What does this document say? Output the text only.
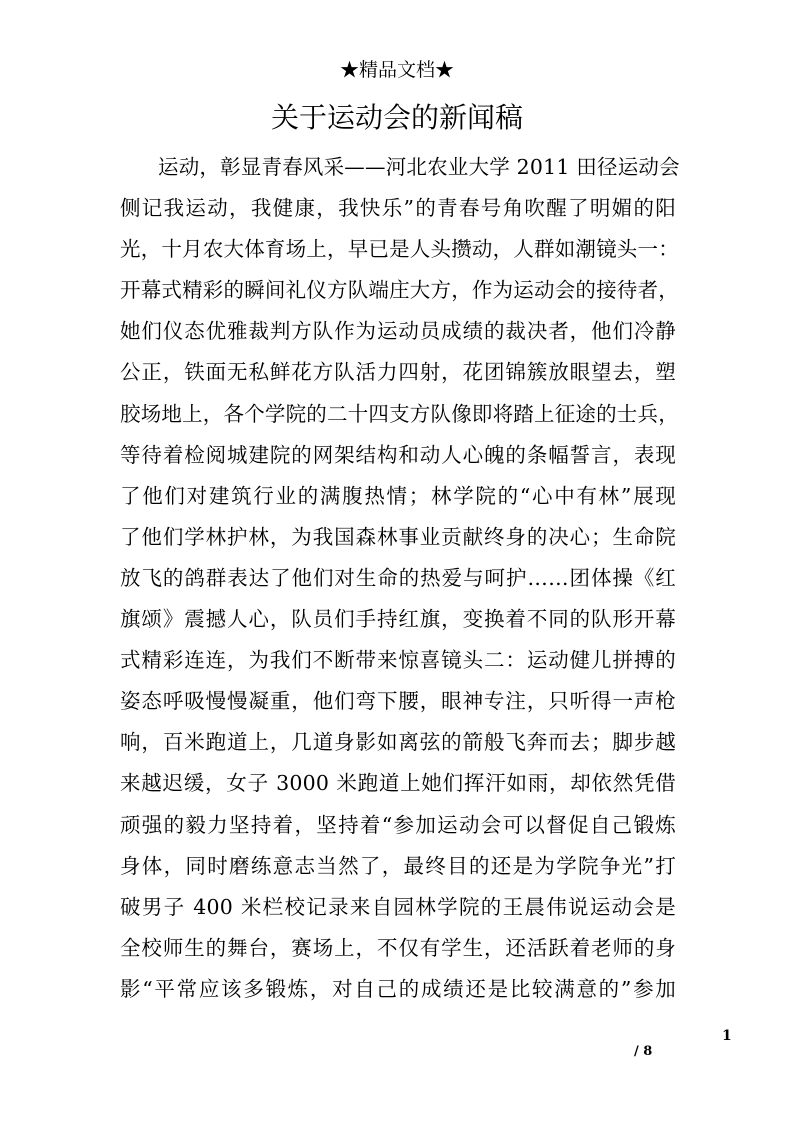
★精品文档★
关于运动会的新闻稿
运动，彰显青春风采——河北农业大学 2011 田径运动会
侧记我运动，我健康，我快乐”的青春号角吹醒了明媚的阳
光，十月农大体育场上，早已是人头攒动，人群如潮镜头一：
开幕式精彩的瞬间礼仪方队端庄大方，作为运动会的接待者，
她们仪态优雅裁判方队作为运动员成绩的裁决者，他们冷静
公正，铁面无私鲜花方队活力四射，花团锦簇放眼望去，塑
胶场地上，各个学院的二十四支方队像即将踏上征途的士兵，
等待着检阅城建院的网架结构和动人心魄的条幅誓言，表现
了他们对建筑行业的满腹热情；林学院的“心中有林”展现
了他们学林护林，为我国森林事业贡献终身的决心；生命院
放飞的鸽群表达了他们对生命的热爱与呵护……团体操《红
旗颂》震撼人心，队员们手持红旗，变换着不同的队形开幕
式精彩连连，为我们不断带来惊喜镜头二：运动健儿拼搏的
姿态呼吸慢慢凝重，他们弯下腰，眼神专注，只听得一声枪
响，百米跑道上，几道身影如离弦的箭般飞奔而去；脚步越
来越迟缓，女子 3000 米跑道上她们挥汗如雨，却依然凭借
顽强的毅力坚持着，坚持着“参加运动会可以督促自己锻炼
身体，同时磨练意志当然了，最终目的还是为学院争光”打
破男子 400 米栏校记录来自园林学院的王晨伟说运动会是
全校师生的舞台，赛场上，不仅有学生，还活跃着老师的身
影“平常应该多锻炼，对自己的成绩还是比较满意的”参加
1
/ 8
